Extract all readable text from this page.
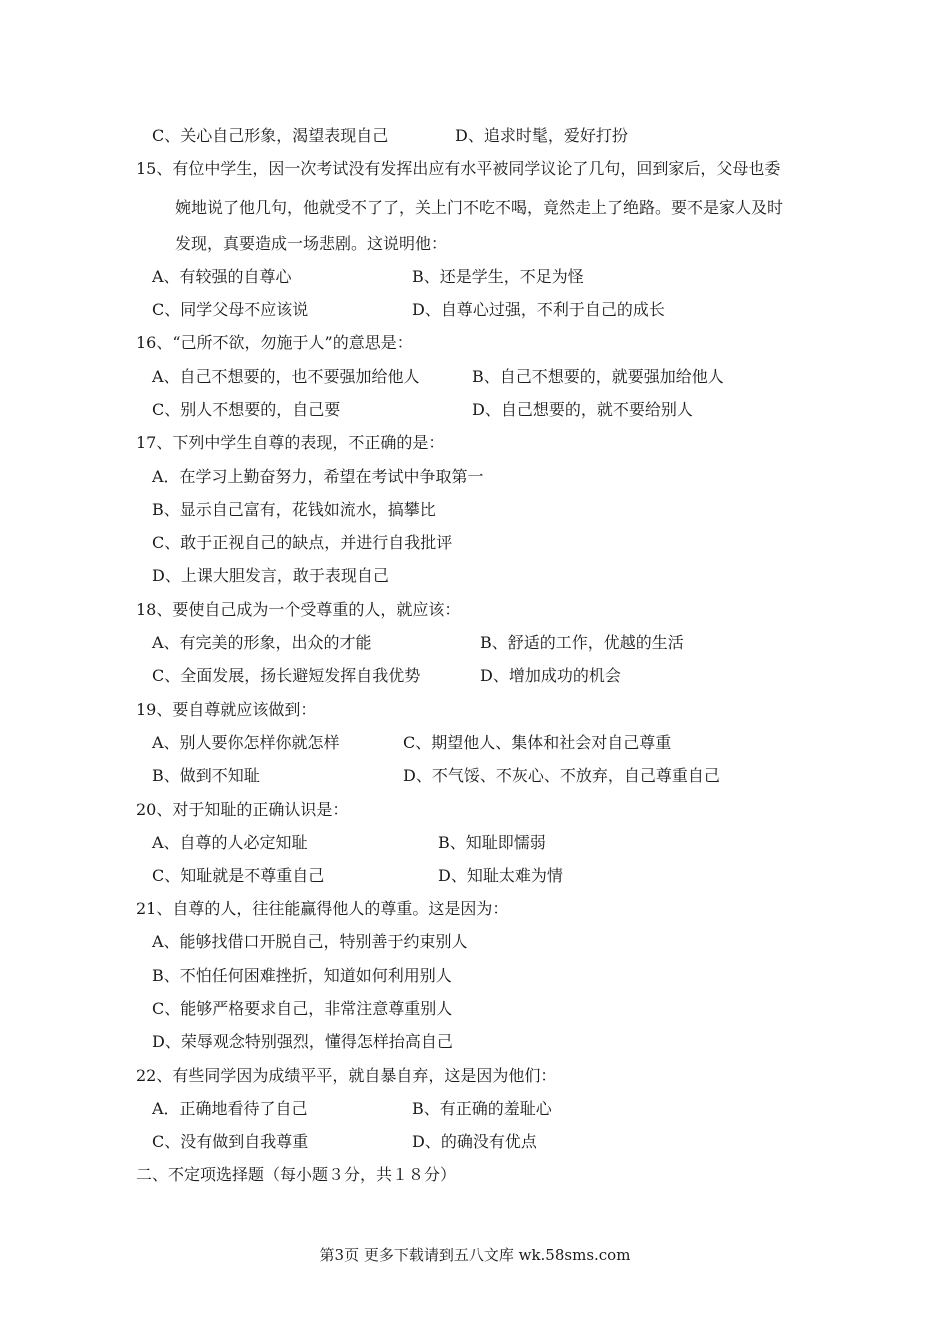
C、关心自己形象，渴望表现自己	D、追求时髦，爱好打扮
15、有位中学生，因一次考试没有发挥出应有水平被同学议论了几句，回到家后，父母也委
婉地说了他几句，他就受不了了，关上门不吃不喝，竟然走上了绝路。要不是家人及时
发现，真要造成一场悲剧。这说明他：
A、有较强的自尊心	B、还是学生，不足为怪
C、同学父母不应该说	D、自尊心过强，不利于自己的成长
16、“己所不欲，勿施于人”的意思是：
A、自己不想要的，也不要强加给他人	B、自己不想要的，就要强加给他人
C、别人不想要的，自己要	D、自己想要的，就不要给别人
17、下列中学生自尊的表现，不正确的是：
A．在学习上勤奋努力，希望在考试中争取第一
B、显示自己富有，花钱如流水，搞攀比
C、敢于正视自己的缺点，并进行自我批评
D、上课大胆发言，敢于表现自己
18、要使自己成为一个受尊重的人，就应该：
A、有完美的形象，出众的才能	B、舒适的工作，优越的生活
C、全面发展，扬长避短发挥自我优势	D、增加成功的机会
19、要自尊就应该做到：
A、别人要你怎样你就怎样	C、期望他人、集体和社会对自己尊重
B、做到不知耻	D、不气馁、不灰心、不放弃，自己尊重自己
20、对于知耻的正确认识是：
A、自尊的人必定知耻	B、知耻即懦弱
C、知耻就是不尊重自己	D、知耻太难为情
21、自尊的人，往往能赢得他人的尊重。这是因为：
A、能够找借口开脱自己，特别善于约束别人
B、不怕任何困难挫折，知道如何利用别人
C、能够严格要求自己，非常注意尊重别人
D、荣辱观念特别强烈，懂得怎样抬高自己
22、有些同学因为成绩平平，就自暴自弃，这是因为他们：
A．正确地看待了自己	B、有正确的羞耻心
C、没有做到自我尊重	D、的确没有优点
二、不定项选择题（每小题３分，共１８分）
第3页 更多下载请到五八文库 wk.58sms.com
